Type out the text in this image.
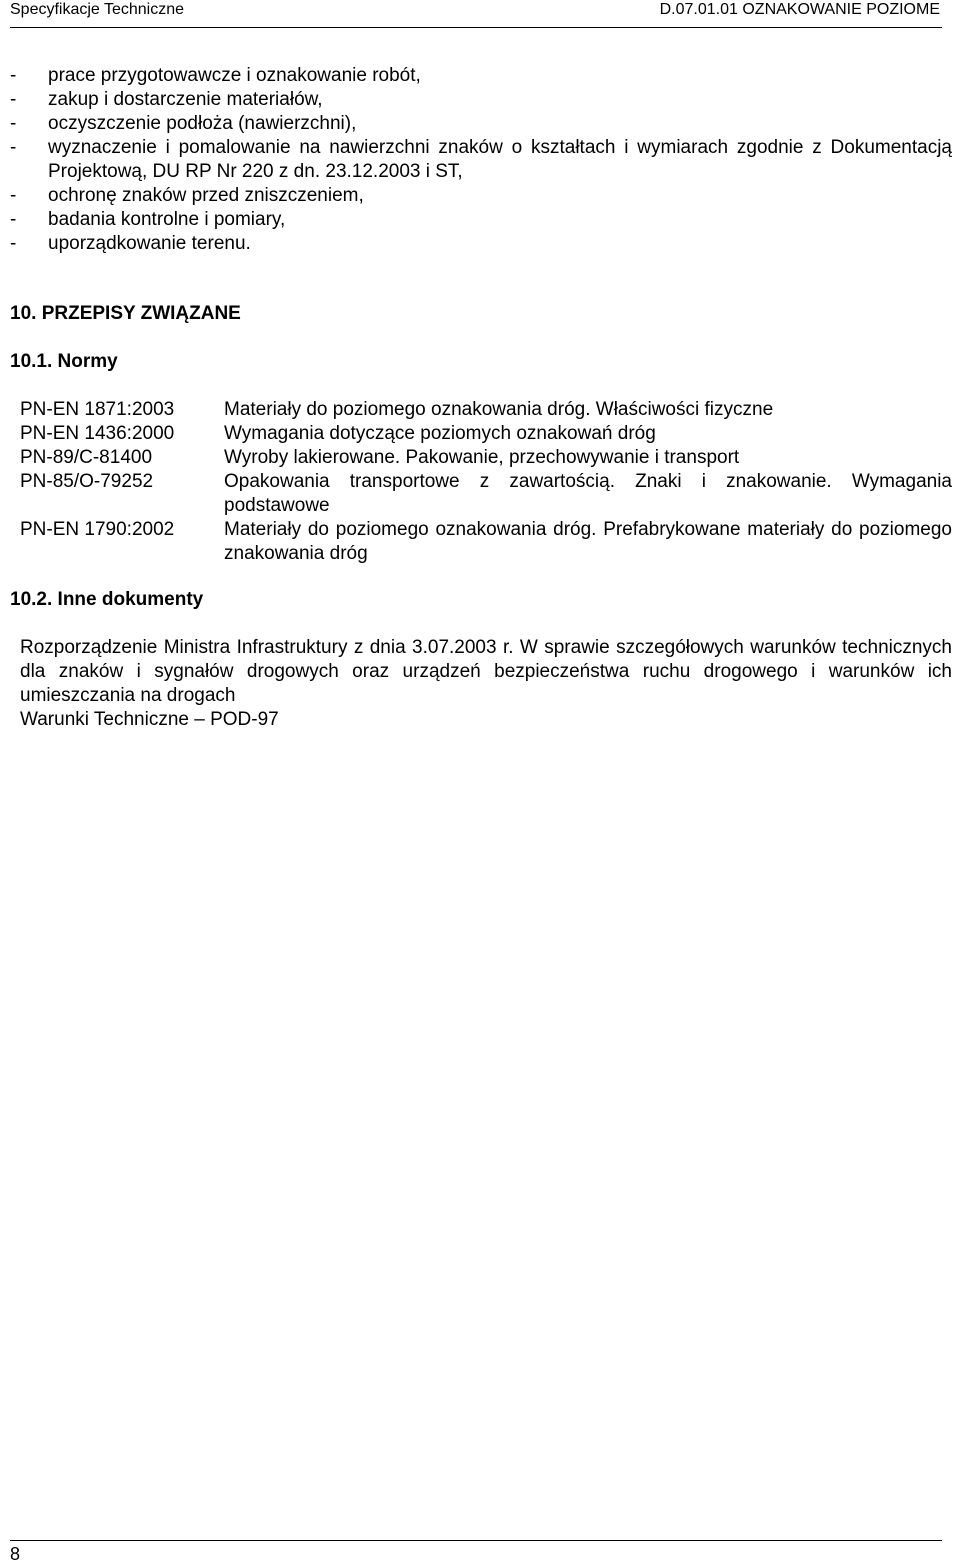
Specyfikacje Techniczne	D.07.01.01 OZNAKOWANIE POZIOME
- prace przygotowawcze i oznakowanie robót,
- zakup i dostarczenie materiałów,
- oczyszczenie podłoża (nawierzchni),
- wyznaczenie i pomalowanie na nawierzchni znaków o kształtach i wymiarach zgodnie z Dokumentacją Projektową, DU RP Nr 220 z dn. 23.12.2003 i ST,
- ochronę znaków przed zniszczeniem,
- badania kontrolne i pomiary,
- uporządkowanie terenu.
10. PRZEPISY ZWIĄZANE
10.1. Normy
PN-EN 1871:2003	Materiały do poziomego oznakowania dróg. Właściwości fizyczne
PN-EN 1436:2000	Wymagania dotyczące poziomych oznakowań dróg
PN-89/C-81400	Wyroby lakierowane. Pakowanie, przechowywanie i transport
PN-85/O-79252	Opakowania transportowe z zawartością. Znaki i znakowanie. Wymagania podstawowe
PN-EN 1790:2002	Materiały do poziomego oznakowania dróg. Prefabrykowane materiały do poziomego znakowania dróg
10.2. Inne dokumenty

Rozporządzenie Ministra Infrastruktury z dnia 3.07.2003 r. W sprawie szczegółowych warunków technicznych dla znaków i sygnałów drogowych oraz urządzeń bezpieczeństwa ruchu drogowego i warunków ich umieszczania na drogach

Warunki Techniczne – POD-97

8
